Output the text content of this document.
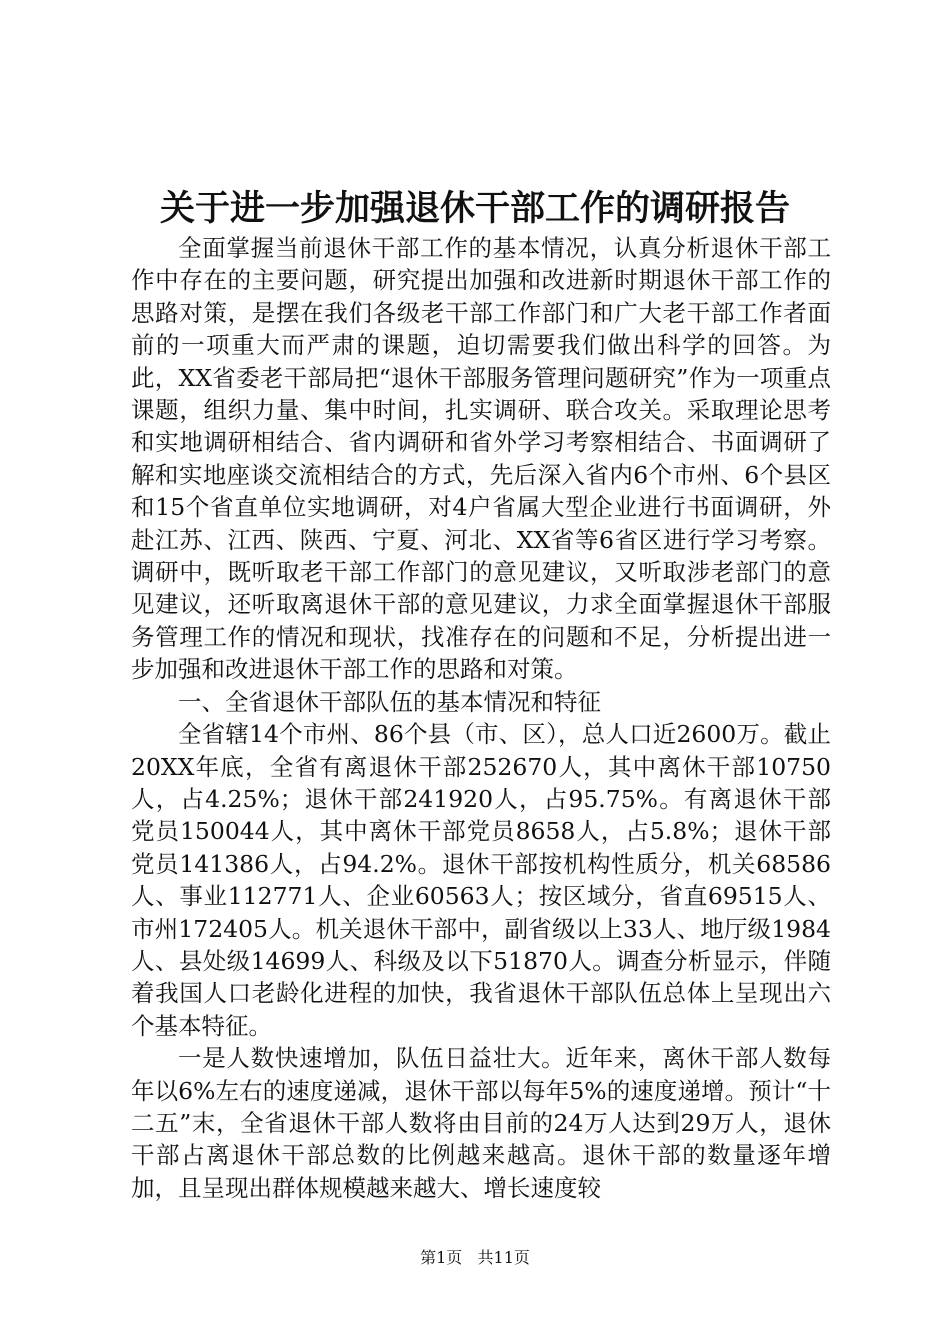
关于进一步加强退休干部工作的调研报告

全面掌握当前退休干部工作的基本情况，认真分析退休干部工作中存在的主要问题，研究提出加强和改进新时期退休干部工作的思路对策，是摆在我们各级老干部工作部门和广大老干部工作者面前的一项重大而严肃的课题，迫切需要我们做出科学的回答。为此，XX省委老干部局把“退休干部服务管理问题研究”作为一项重点课题，组织力量、集中时间，扎实调研、联合攻关。采取理论思考和实地调研相结合、省内调研和省外学习考察相结合、书面调研了解和实地座谈交流相结合的方式，先后深入省内6个市州、6个县区和15个省直单位实地调研，对4户省属大型企业进行书面调研，外赴江苏、江西、陕西、宁夏、河北、XX省等6省区进行学习考察。调研中，既听取老干部工作部门的意见建议，又听取涉老部门的意见建议，还听取离退休干部的意见建议，力求全面掌握退休干部服务管理工作的情况和现状，找准存在的问题和不足，分析提出进一步加强和改进退休干部工作的思路和对策。

一、全省退休干部队伍的基本情况和特征

全省辖14个市州、86个县（市、区），总人口近2600万。截止20XX年底，全省有离退休干部252670人，其中离休干部10750人，占4.25%；退休干部241920人，占95.75%。有离退休干部党员150044人，其中离休干部党员8658人，占5.8%；退休干部党员141386人，占94.2%。退休干部按机构性质分，机关68586人、事业112771人、企业60563人；按区域分，省直69515人、市州172405人。机关退休干部中，副省级以上33人、地厅级1984人、县处级14699人、科级及以下51870人。调查分析显示，伴随着我国人口老龄化进程的加快，我省退休干部队伍总体上呈现出六个基本特征。

一是人数快速增加，队伍日益壮大。近年来，离休干部人数每年以6%左右的速度递减，退休干部以每年5%的速度递增。预计“十二五”末，全省退休干部人数将由目前的24万人达到29万人，退休干部占离退休干部总数的比例越来越高。退休干部的数量逐年增加，且呈现出群体规模越来越大、增长速度较

第1页 共11页
